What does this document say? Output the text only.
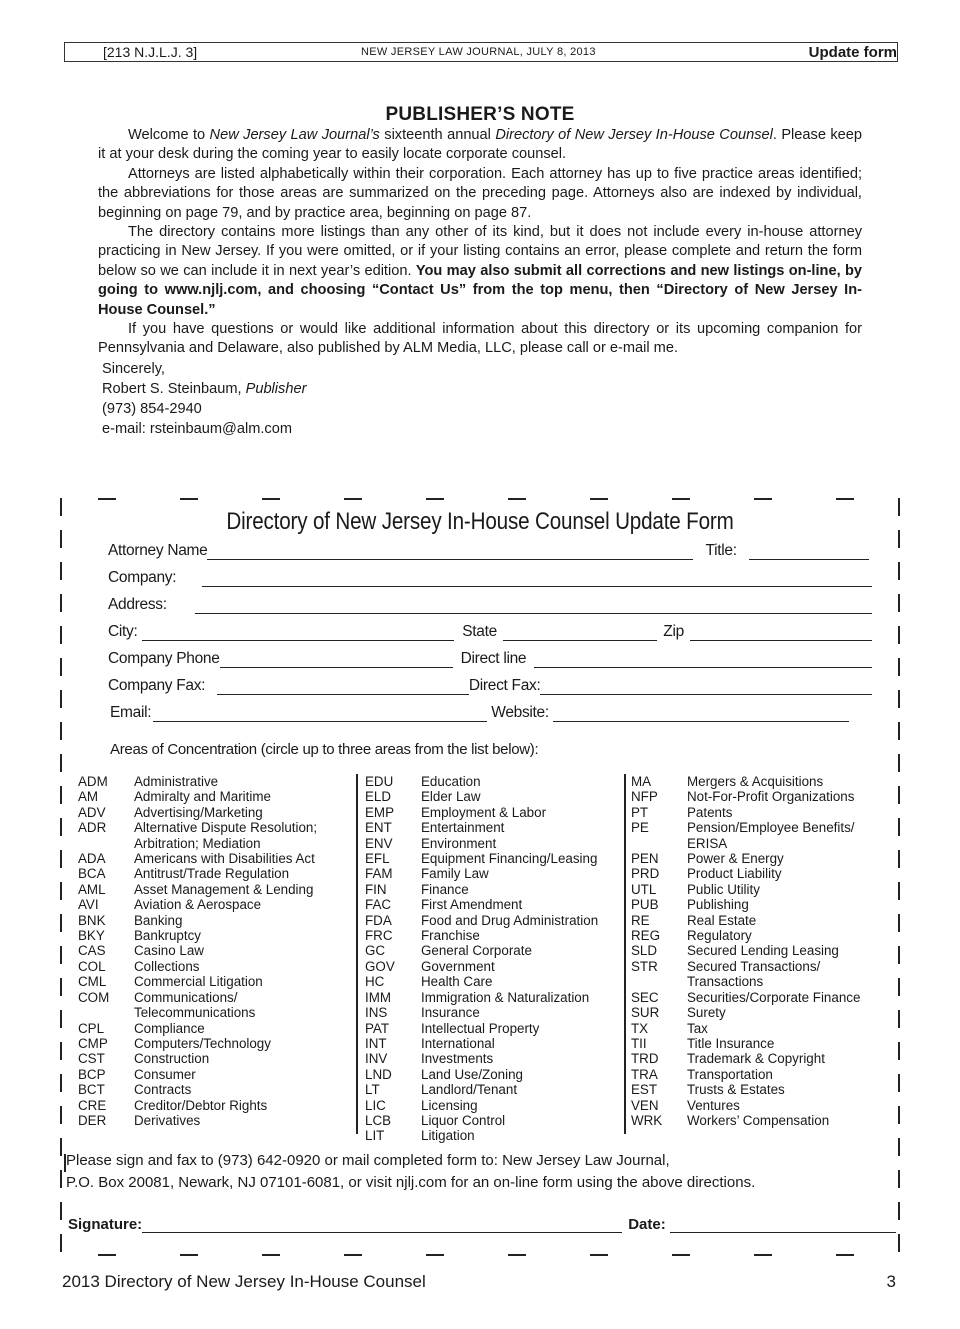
[213 N.J.L.J. 3]	NEW JERSEY LAW JOURNAL, JULY 8, 2013	Update form
PUBLISHER’S NOTE

Welcome to New Jersey Law Journal’s sixteenth annual Directory of New Jersey In-House Counsel. Please keep it at your desk during the coming year to easily locate corporate counsel.

Attorneys are listed alphabetically within their corporation. Each attorney has up to five practice areas identified; the abbreviations for those areas are summarized on the preceding page. Attorneys also are indexed by individual, beginning on page 79, and by practice area, beginning on page 87.

The directory contains more listings than any other of its kind, but it does not include every in-house attorney practicing in New Jersey. If you were omitted, or if your listing contains an error, please complete and return the form below so we can include it in next year’s edition. You may also submit all corrections and new listings on-line, by going to www.njlj.com, and choosing “Contact Us” from the top menu, then “Directory of New Jersey In-House Counsel.”

If you have questions or would like additional information about this directory or its upcoming companion for Pennsylvania and Delaware, also published by ALM Media, LLC, please call or e-mail me.

Sincerely,

Robert S. Steinbaum, Publisher

(973) 854-2940

e-mail: rsteinbaum@alm.com

Directory of New Jersey In-House Counsel Update Form
Attorney Name	Title:
Company:
Address:
City:	State	Zip
Company Phone	Direct line
Company Fax:	Direct Fax:
Email:	Website:
Areas of Concentration (circle up to three areas from the list below):
ADM	Administrative
AM	Admiralty and Maritime
ADV	Advertising/Marketing
ADR	Alternative Dispute Resolution;
Arbitration; Mediation
ADA	Americans with Disabilities Act
BCA	Antitrust/Trade Regulation
AML	Asset Management & Lending
AVI	Aviation & Aerospace
BNK	Banking
BKY	Bankruptcy
CAS	Casino Law
COL	Collections
CML	Commercial Litigation
COM	Communications/
Telecommunications
CPL	Compliance
CMP	Computers/Technology
CST	Construction
BCP	Consumer
BCT	Contracts
CRE	Creditor/Debtor Rights
DER	Derivatives
EDU	Education
ELD	Elder Law
EMP	Employment & Labor
ENT	Entertainment
ENV	Environment
EFL	Equipment Financing/Leasing
FAM	Family Law
FIN	Finance
FAC	First Amendment
FDA	Food and Drug Administration
FRC	Franchise
GC	General Corporate
GOV	Government
HC	Health Care
IMM	Immigration & Naturalization
INS	Insurance
PAT	Intellectual Property
INT	International
INV	Investments
LND	Land Use/Zoning
LT	Landlord/Tenant
LIC	Licensing
LCB	Liquor Control
LIT	Litigation
MA	Mergers & Acquisitions
NFP	Not-For-Profit Organizations
PT	Patents
PE	Pension/Employee Benefits/
ERISA
PEN	Power & Energy
PRD	Product Liability
UTL	Public Utility
PUB	Publishing
RE	Real Estate
REG	Regulatory
SLD	Secured Lending Leasing
STR	Secured Transactions/
Transactions
SEC	Securities/Corporate Finance
SUR	Surety
TX	Tax
TII	Title Insurance
TRD	Trademark & Copyright
TRA	Transportation
EST	Trusts & Estates
VEN	Ventures
WRK	Workers’ Compensation
Please sign and fax to (973) 642-0920 or mail completed form to: New Jersey Law Journal,
P.O. Box 20081, Newark, NJ 07101-6081, or visit njlj.com for an on-line form using the above directions.
Signature:	Date:
2013 Directory of New Jersey In-House Counsel	3
